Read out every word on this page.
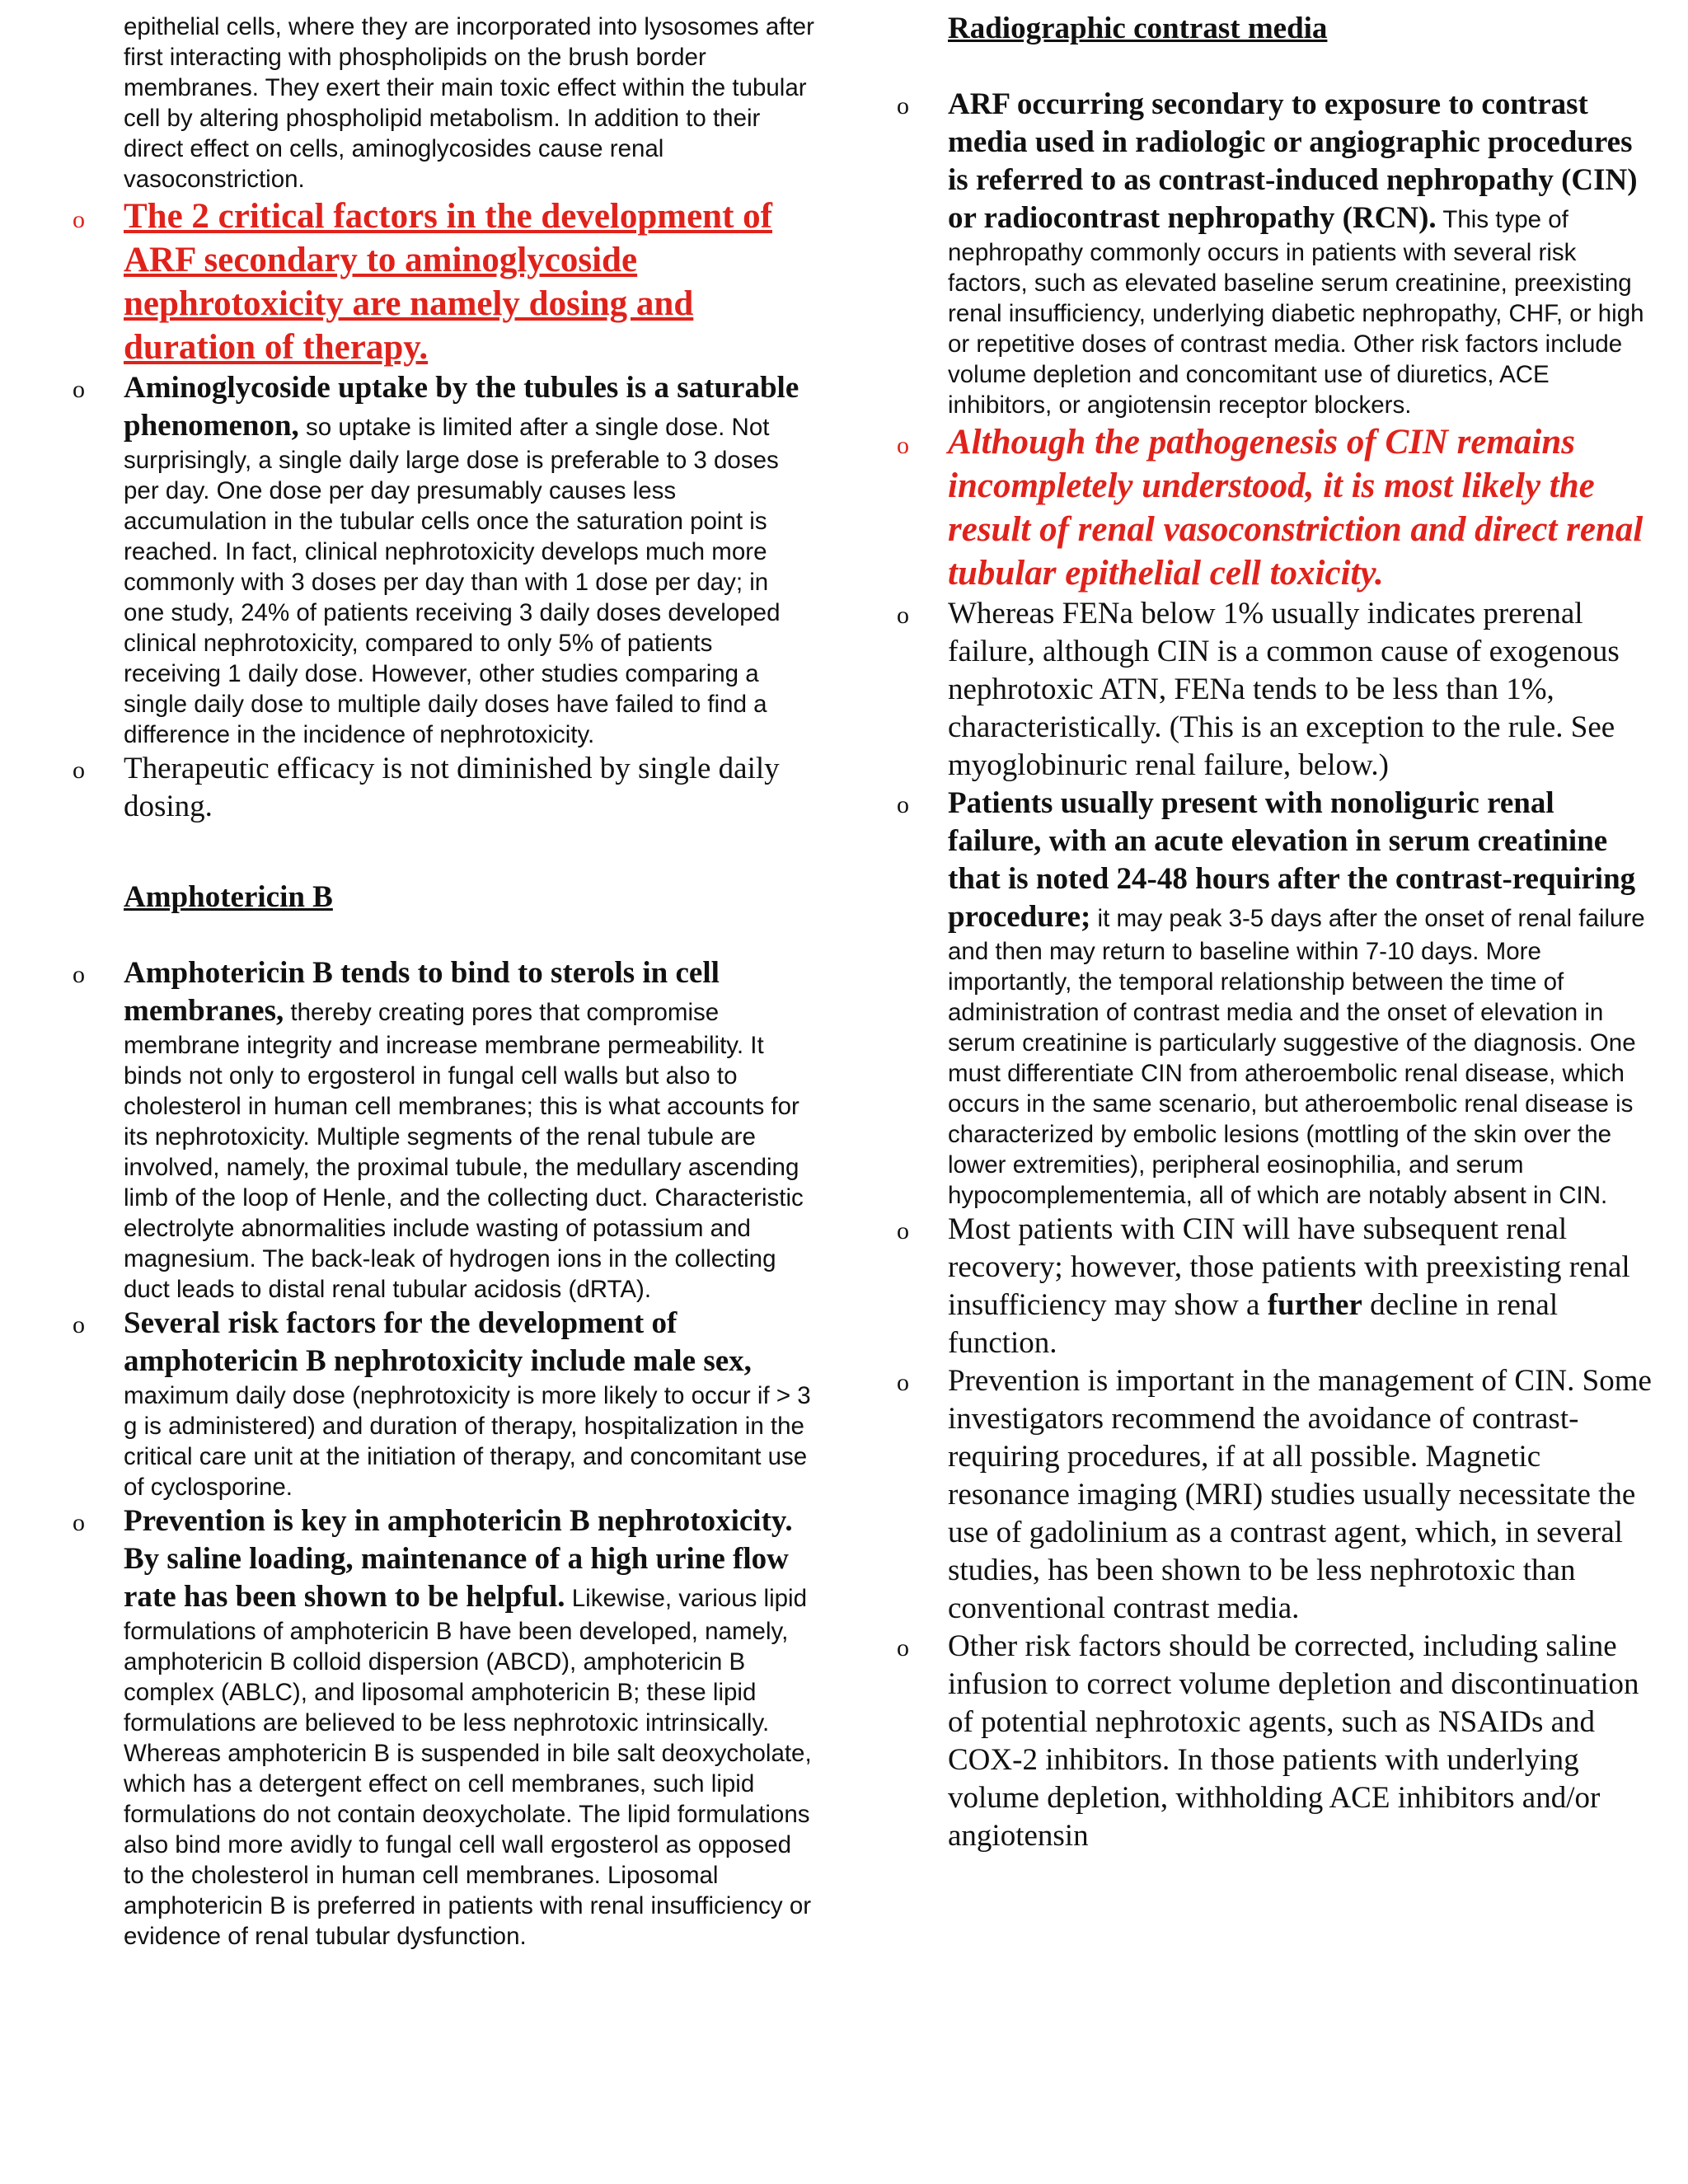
epithelial cells, where they are incorporated into lysosomes after first interacting with phospholipids on the brush border membranes. They exert their main toxic effect within the tubular cell by altering phospholipid metabolism. In addition to their direct effect on cells, aminoglycosides cause renal vasoconstriction.
o The 2 critical factors in the development of ARF secondary to aminoglycoside nephrotoxicity are namely dosing and duration of therapy.
o Aminoglycoside uptake by the tubules is a saturable phenomenon, so uptake is limited after a single dose. Not surprisingly, a single daily large dose is preferable to 3 doses per day. One dose per day presumably causes less accumulation in the tubular cells once the saturation point is reached. In fact, clinical nephrotoxicity develops much more commonly with 3 doses per day than with 1 dose per day; in one study, 24% of patients receiving 3 daily doses developed clinical nephrotoxicity, compared to only 5% of patients receiving 1 daily dose. However, other studies comparing a single daily dose to multiple daily doses have failed to find a difference in the incidence of nephrotoxicity.
o Therapeutic efficacy is not diminished by single daily dosing.
Amphotericin B
o Amphotericin B tends to bind to sterols in cell membranes, thereby creating pores that compromise membrane integrity and increase membrane permeability. It binds not only to ergosterol in fungal cell walls but also to cholesterol in human cell membranes; this is what accounts for its nephrotoxicity. Multiple segments of the renal tubule are involved, namely, the proximal tubule, the medullary ascending limb of the loop of Henle, and the collecting duct. Characteristic electrolyte abnormalities include wasting of potassium and magnesium. The back-leak of hydrogen ions in the collecting duct leads to distal renal tubular acidosis (dRTA).
o Several risk factors for the development of amphotericin B nephrotoxicity include male sex, maximum daily dose (nephrotoxicity is more likely to occur if > 3 g is administered) and duration of therapy, hospitalization in the critical care unit at the initiation of therapy, and concomitant use of cyclosporine.
o Prevention is key in amphotericin B nephrotoxicity. By saline loading, maintenance of a high urine flow rate has been shown to be helpful. Likewise, various lipid formulations of amphotericin B have been developed, namely, amphotericin B colloid dispersion (ABCD), amphotericin B complex (ABLC), and liposomal amphotericin B; these lipid formulations are believed to be less nephrotoxic intrinsically. Whereas amphotericin B is suspended in bile salt deoxycholate, which has a detergent effect on cell membranes, such lipid formulations do not contain deoxycholate. The lipid formulations also bind more avidly to fungal cell wall ergosterol as opposed to the cholesterol in human cell membranes. Liposomal amphotericin B is preferred in patients with renal insufficiency or evidence of renal tubular dysfunction.
Radiographic contrast media
o ARF occurring secondary to exposure to contrast media used in radiologic or angiographic procedures is referred to as contrast-induced nephropathy (CIN) or radiocontrast nephropathy (RCN). This type of nephropathy commonly occurs in patients with several risk factors, such as elevated baseline serum creatinine, preexisting renal insufficiency, underlying diabetic nephropathy, CHF, or high or repetitive doses of contrast media. Other risk factors include volume depletion and concomitant use of diuretics, ACE inhibitors, or angiotensin receptor blockers.
o Although the pathogenesis of CIN remains incompletely understood, it is most likely the result of renal vasoconstriction and direct renal tubular epithelial cell toxicity.
o Whereas FENa below 1% usually indicates prerenal failure, although CIN is a common cause of exogenous nephrotoxic ATN, FENa tends to be less than 1%, characteristically. (This is an exception to the rule. See myoglobinuric renal failure, below.)
o Patients usually present with nonoliguric renal failure, with an acute elevation in serum creatinine that is noted 24-48 hours after the contrast-requiring procedure; it may peak 3-5 days after the onset of renal failure and then may return to baseline within 7-10 days. More importantly, the temporal relationship between the time of administration of contrast media and the onset of elevation in serum creatinine is particularly suggestive of the diagnosis. One must differentiate CIN from atheroembolic renal disease, which occurs in the same scenario, but atheroembolic renal disease is characterized by embolic lesions (mottling of the skin over the lower extremities), peripheral eosinophilia, and serum hypocomplementemia, all of which are notably absent in CIN.
o Most patients with CIN will have subsequent renal recovery; however, those patients with preexisting renal insufficiency may show a further decline in renal function.
o Prevention is important in the management of CIN. Some investigators recommend the avoidance of contrast-requiring procedures, if at all possible. Magnetic resonance imaging (MRI) studies usually necessitate the use of gadolinium as a contrast agent, which, in several studies, has been shown to be less nephrotoxic than conventional contrast media.
o Other risk factors should be corrected, including saline infusion to correct volume depletion and discontinuation of potential nephrotoxic agents, such as NSAIDs and COX-2 inhibitors. In those patients with underlying volume depletion, withholding ACE inhibitors and/or angiotensin
